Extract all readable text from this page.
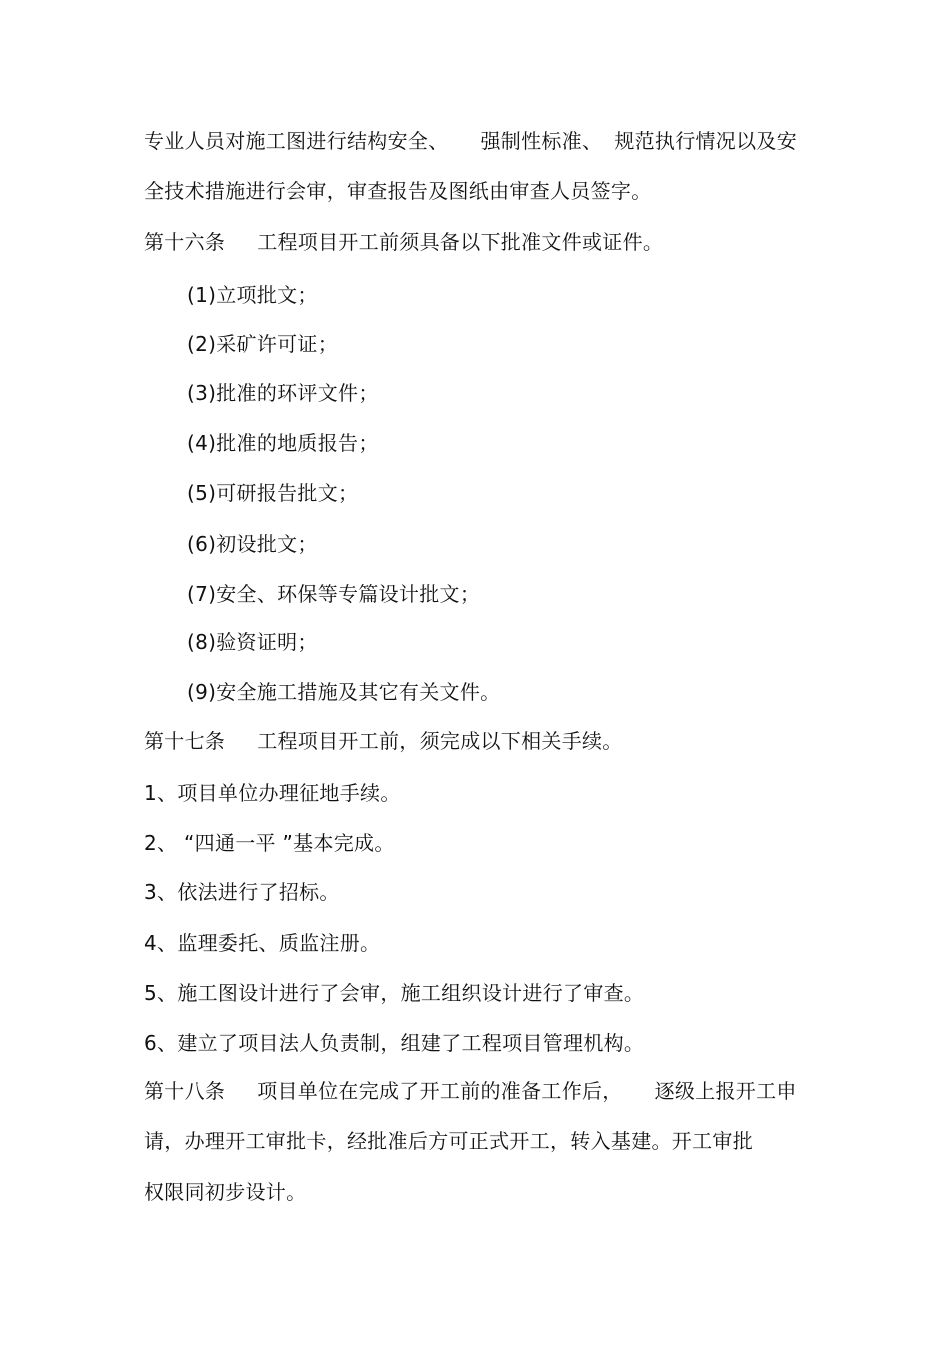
专业人员对施工图进行结构安全、 强制性标准、 规范执行情况以及安
全技术措施进行会审，审查报告及图纸由审查人员签字。
第十六条 工程项目开工前须具备以下批准文件或证件。
(1)立项批文；
(2)采矿许可证；
(3)批准的环评文件；
(4)批准的地质报告；
(5)可研报告批文；
(6)初设批文；
(7)安全、环保等专篇设计批文；
(8)验资证明；
(9)安全施工措施及其它有关文件。
第十七条 工程项目开工前，须完成以下相关手续。
1、项目单位办理征地手续。
2、 “四通一平 ”基本完成。
3、依法进行了招标。
4、监理委托、质监注册。
5、施工图设计进行了会审，施工组织设计进行了审查。
6、建立了项目法人负责制，组建了工程项目管理机构。
第十八条 项目单位在完成了开工前的准备工作后， 逐级上报开工申
请，办理开工审批卡，经批准后方可正式开工，转入基建。开工审批
权限同初步设计。
